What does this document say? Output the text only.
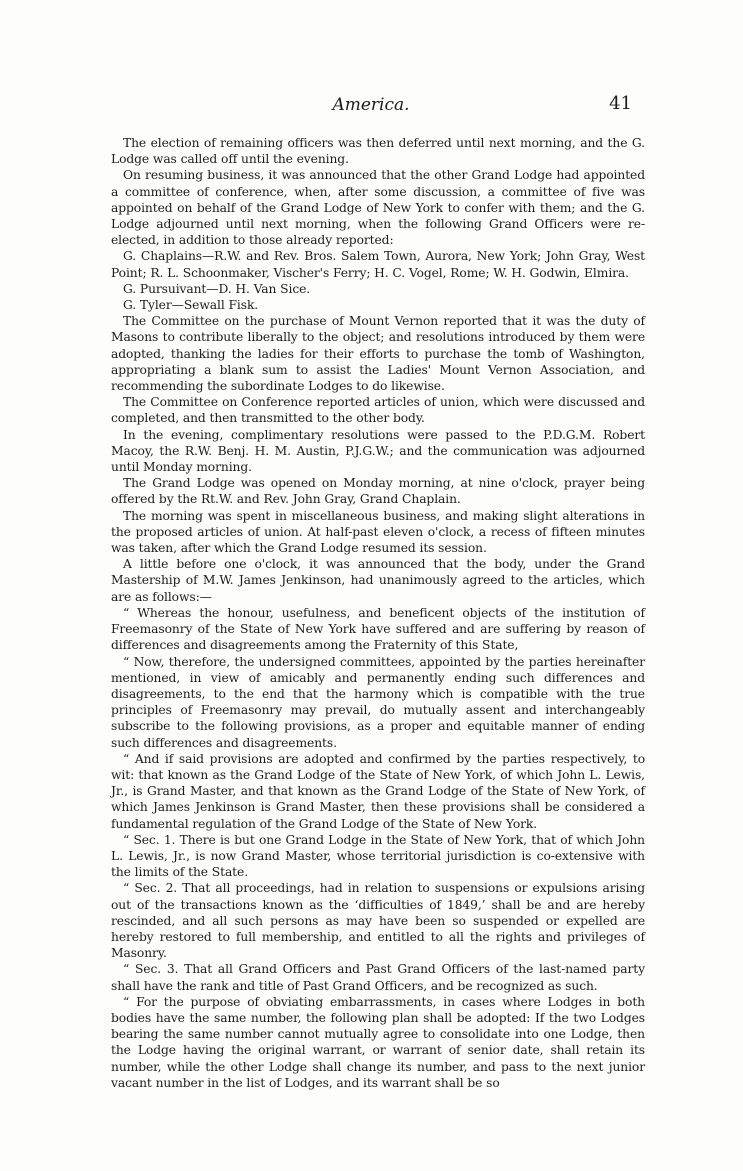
America.	41

The election of remaining officers was then deferred until next morning, and the G. Lodge was called off until the evening.

On resuming business, it was announced that the other Grand Lodge had appointed a committee of conference, when, after some discussion, a committee of five was appointed on behalf of the Grand Lodge of New York to confer with them; and the G. Lodge adjourned until next morning, when the following Grand Officers were re-elected, in addition to those already reported:

G. Chaplains—R.W. and Rev. Bros. Salem Town, Aurora, New York; John Gray, West Point; R. L. Schoonmaker, Vischer's Ferry; H. C. Vogel, Rome; W. H. Godwin, Elmira.

G. Pursuivant—D. H. Van Sice.

G. Tyler—Sewall Fisk.

The Committee on the purchase of Mount Vernon reported that it was the duty of Masons to contribute liberally to the object; and resolutions introduced by them were adopted, thanking the ladies for their efforts to purchase the tomb of Washington, appropriating a blank sum to assist the Ladies' Mount Vernon Association, and recommending the subordinate Lodges to do likewise.

The Committee on Conference reported articles of union, which were discussed and completed, and then transmitted to the other body.

In the evening, complimentary resolutions were passed to the P.D.G.M. Robert Macoy, the R.W. Benj. H. M. Austin, P.J.G.W.; and the communication was adjourned until Monday morning.

The Grand Lodge was opened on Monday morning, at nine o'clock, prayer being offered by the Rt.W. and Rev. John Gray, Grand Chaplain.

The morning was spent in miscellaneous business, and making slight alterations in the proposed articles of union. At half-past eleven o'clock, a recess of fifteen minutes was taken, after which the Grand Lodge resumed its session.

A little before one o'clock, it was announced that the body, under the Grand Mastership of M.W. James Jenkinson, had unanimously agreed to the articles, which are as follows:—

“ Whereas the honour, usefulness, and beneficent objects of the institution of Freemasonry of the State of New York have suffered and are suffering by reason of differences and disagreements among the Fraternity of this State,

“ Now, therefore, the undersigned committees, appointed by the parties hereinafter mentioned, in view of amicably and permanently ending such differences and disagreements, to the end that the harmony which is compatible with the true principles of Freemasonry may prevail, do mutually assent and interchangeably subscribe to the following provisions, as a proper and equitable manner of ending such differences and disagreements.

“ And if said provisions are adopted and confirmed by the parties respectively, to wit: that known as the Grand Lodge of the State of New York, of which John L. Lewis, Jr., is Grand Master, and that known as the Grand Lodge of the State of New York, of which James Jenkinson is Grand Master, then these provisions shall be considered a fundamental regulation of the Grand Lodge of the State of New York.

“ Sec. 1. There is but one Grand Lodge in the State of New York, that of which John L. Lewis, Jr., is now Grand Master, whose territorial jurisdiction is co-extensive with the limits of the State.

“ Sec. 2. That all proceedings, had in relation to suspensions or expulsions arising out of the transactions known as the ‘difficulties of 1849,’ shall be and are hereby rescinded, and all such persons as may have been so suspended or expelled are hereby restored to full membership, and entitled to all the rights and privileges of Masonry.

“ Sec. 3. That all Grand Officers and Past Grand Officers of the last-named party shall have the rank and title of Past Grand Officers, and be recognized as such.

“ For the purpose of obviating embarrassments, in cases where Lodges in both bodies have the same number, the following plan shall be adopted: If the two Lodges bearing the same number cannot mutually agree to consolidate into one Lodge, then the Lodge having the original warrant, or warrant of senior date, shall retain its number, while the other Lodge shall change its number, and pass to the next junior vacant number in the list of Lodges, and its warrant shall be so
